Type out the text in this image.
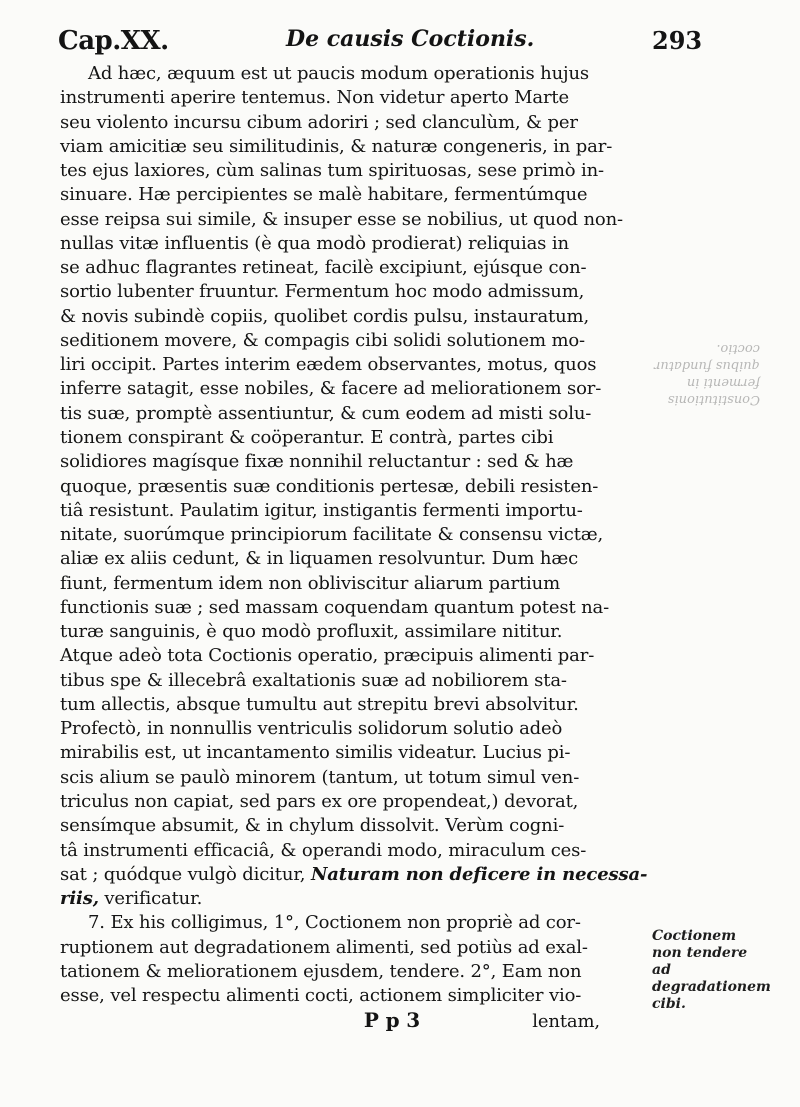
Cap.XX.	De causis Coctionis.	293
Ad hæc, æquum est ut paucis modum operationis hujus
instrumenti aperire tentemus. Non videtur aperto Marte
seu violento incursu cibum adoriri ; sed clanculùm, & per
viam amicitiæ seu similitudinis, & naturæ congeneris, in par-
tes ejus laxiores, cùm salinas tum spirituosas, sese primò in-
sinuare. Hæ percipientes se malè habitare, fermentúmque
esse reipsa sui simile, & insuper esse se nobilius, ut quod non-
nullas vitæ influentis (è qua modò prodierat) reliquias in
se adhuc flagrantes retineat, facilè excipiunt, ejúsque con-
sortio lubenter fruuntur. Fermentum hoc modo admissum,
& novis subindè copiis, quolibet cordis pulsu, instauratum,
seditionem movere, & compagis cibi solidi solutionem mo-
liri occipit. Partes interim eædem observantes, motus, quos
inferre satagit, esse nobiles, & facere ad meliorationem sor-
tis suæ, promptè assentiuntur, & cum eodem ad misti solu-
tionem conspirant & coöperantur. E contrà, partes cibi
solidiores magísque fixæ nonnihil reluctantur : sed & hæ
quoque, præsentis suæ conditionis pertesæ, debili resisten-
tiâ resistunt. Paulatim igitur, instigantis fermenti importu-
nitate, suorúmque principiorum facilitate & consensu victæ,
aliæ ex aliis cedunt, & in liquamen resolvuntur. Dum hæc
fiunt, fermentum idem non obliviscitur aliarum partium
functionis suæ ; sed massam coquendam quantum potest na-
turæ sanguinis, è quo modò profluxit, assimilare nititur.
Atque adeò tota Coctionis operatio, præcipuis alimenti par-
tibus spe & illecebrâ exaltationis suæ ad nobiliorem sta-
tum allectis, absque tumultu aut strepitu brevi absolvitur.
Profectò, in nonnullis ventriculis solidorum solutio adeò
mirabilis est, ut incantamento similis videatur. Lucius pi-
scis alium se paulò minorem (tantum, ut totum simul ven-
triculus non capiat, sed pars ex ore propendeat,) devorat,
sensímque absumit, & in chylum dissolvit. Verùm cogni-
tâ instrumenti efficaciâ, & operandi modo, miraculum ces-
sat ; quódque vulgò dicitur, Naturam non deficere in necessa-
riis, verificatur.
7. Ex his colligimus, 1°, Coctionem non propriè ad cor-
ruptionem aut degradationem alimenti, sed potiùs ad exal-
tationem & meliorationem ejusdem, tendere. 2°, Eam non
esse, vel respectu alimenti cocti, actionem simpliciter vio-
P p 3	lentam,
Constitutionis fermenti in quibus fundatur coctio.
Coctionem non tendere ad degradationem cibi.
